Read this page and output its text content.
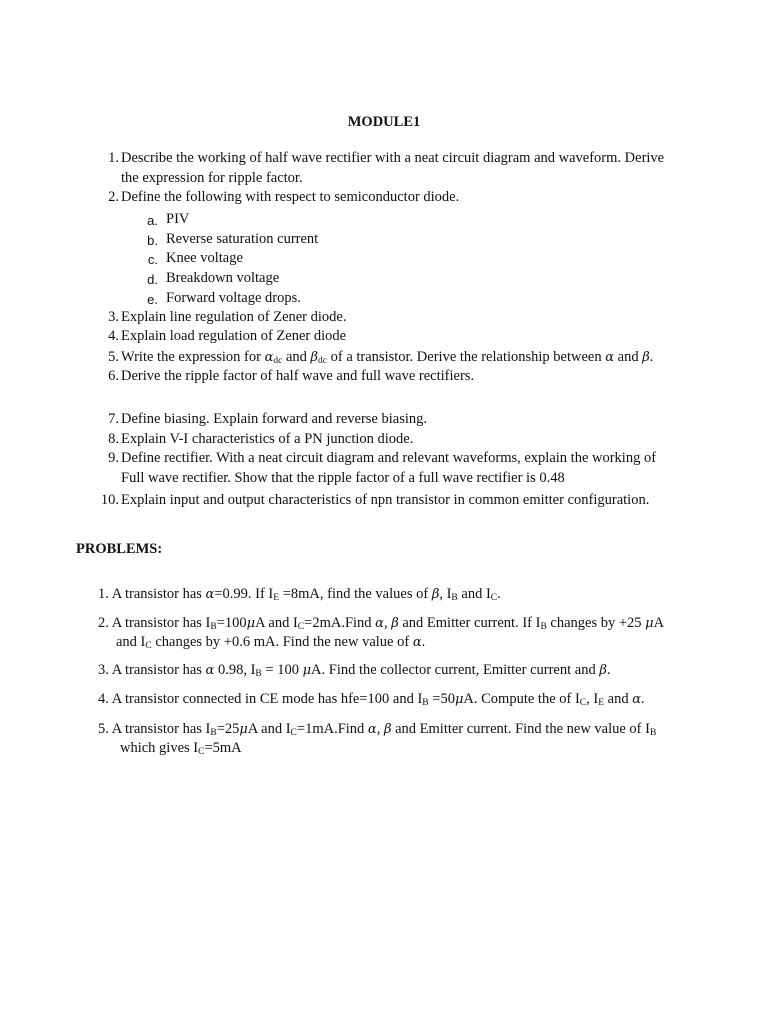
MODULE1
1. Describe the working of half wave rectifier with a neat circuit diagram and waveform. Derive
the expression for ripple factor.
2. Define the following with respect to semiconductor diode.
a. PIV
b. Reverse saturation current
c. Knee voltage
d. Breakdown voltage
e. Forward voltage drops.
3. Explain line regulation of Zener diode.
4. Explain load regulation of Zener diode
5. Write the expression for $\alpha_{dc}$ and $\beta_{dc}$ of a transistor. Derive the relationship between α and β.
6. Derive the ripple factor of half wave and full wave rectifiers.
7. Define biasing. Explain forward and reverse biasing.
8. Explain V-I characteristics of a PN junction diode.
9. Define rectifier. With a neat circuit diagram and relevant waveforms, explain the working of
Full wave rectifier. Show that the ripple factor of a full wave rectifier is 0.48
10. Explain input and output characteristics of npn transistor in common emitter configuration.
PROBLEMS:
1. A transistor has α=0.99. If $I_E =8mA$, find the values of β, $I_B$ and $I_C$.
2. A transistor has $I_B=100\mu A$ and $I_C=2mA.Find$ α, β and Emitter current. If $I_B$ changes by +25 μA
and $I_C$ changes by +0.6 mA. Find the new value of α.
3. A transistor has α 0.98, $I_B = 100$ μA. Find the collector current, Emitter current and β.
4. A transistor connected in CE mode has hfe=100 and $I_B =50\mu A$. Compute the of $I_C$, $I_E$ and α.
5. A transistor has $I_B=25\mu A$ and $I_C=1mA.Find$ α, β and Emitter current. Find the new value of $I_B$
which gives $I_C=5mA$
